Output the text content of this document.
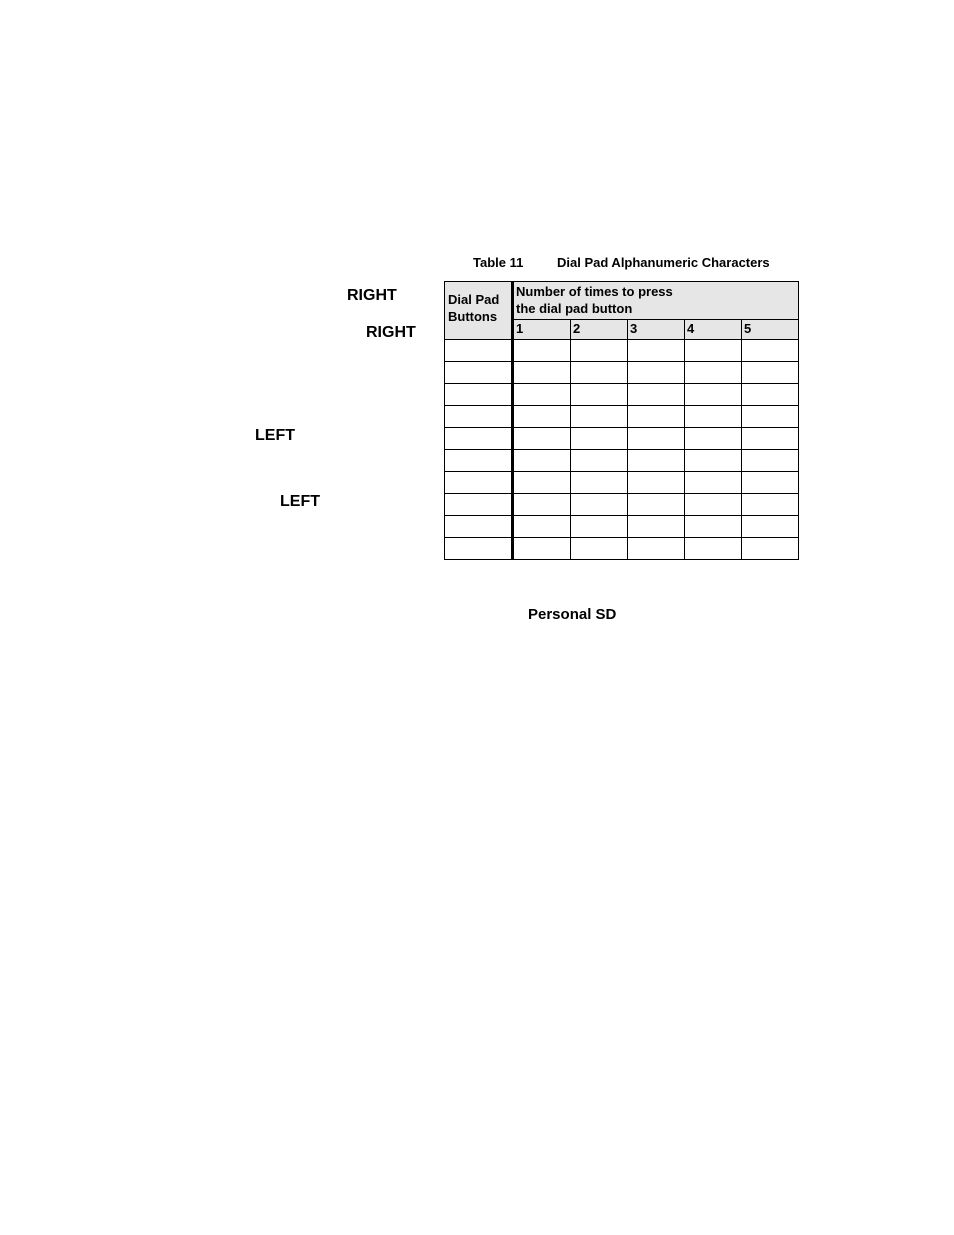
RIGHT
RIGHT
LEFT
LEFT
Table 11	Dial Pad Alphanumeric Characters
Dial Pad
Buttons	Number of times to press
the dial pad button				
	1	2	3	4	5

Personal SD
